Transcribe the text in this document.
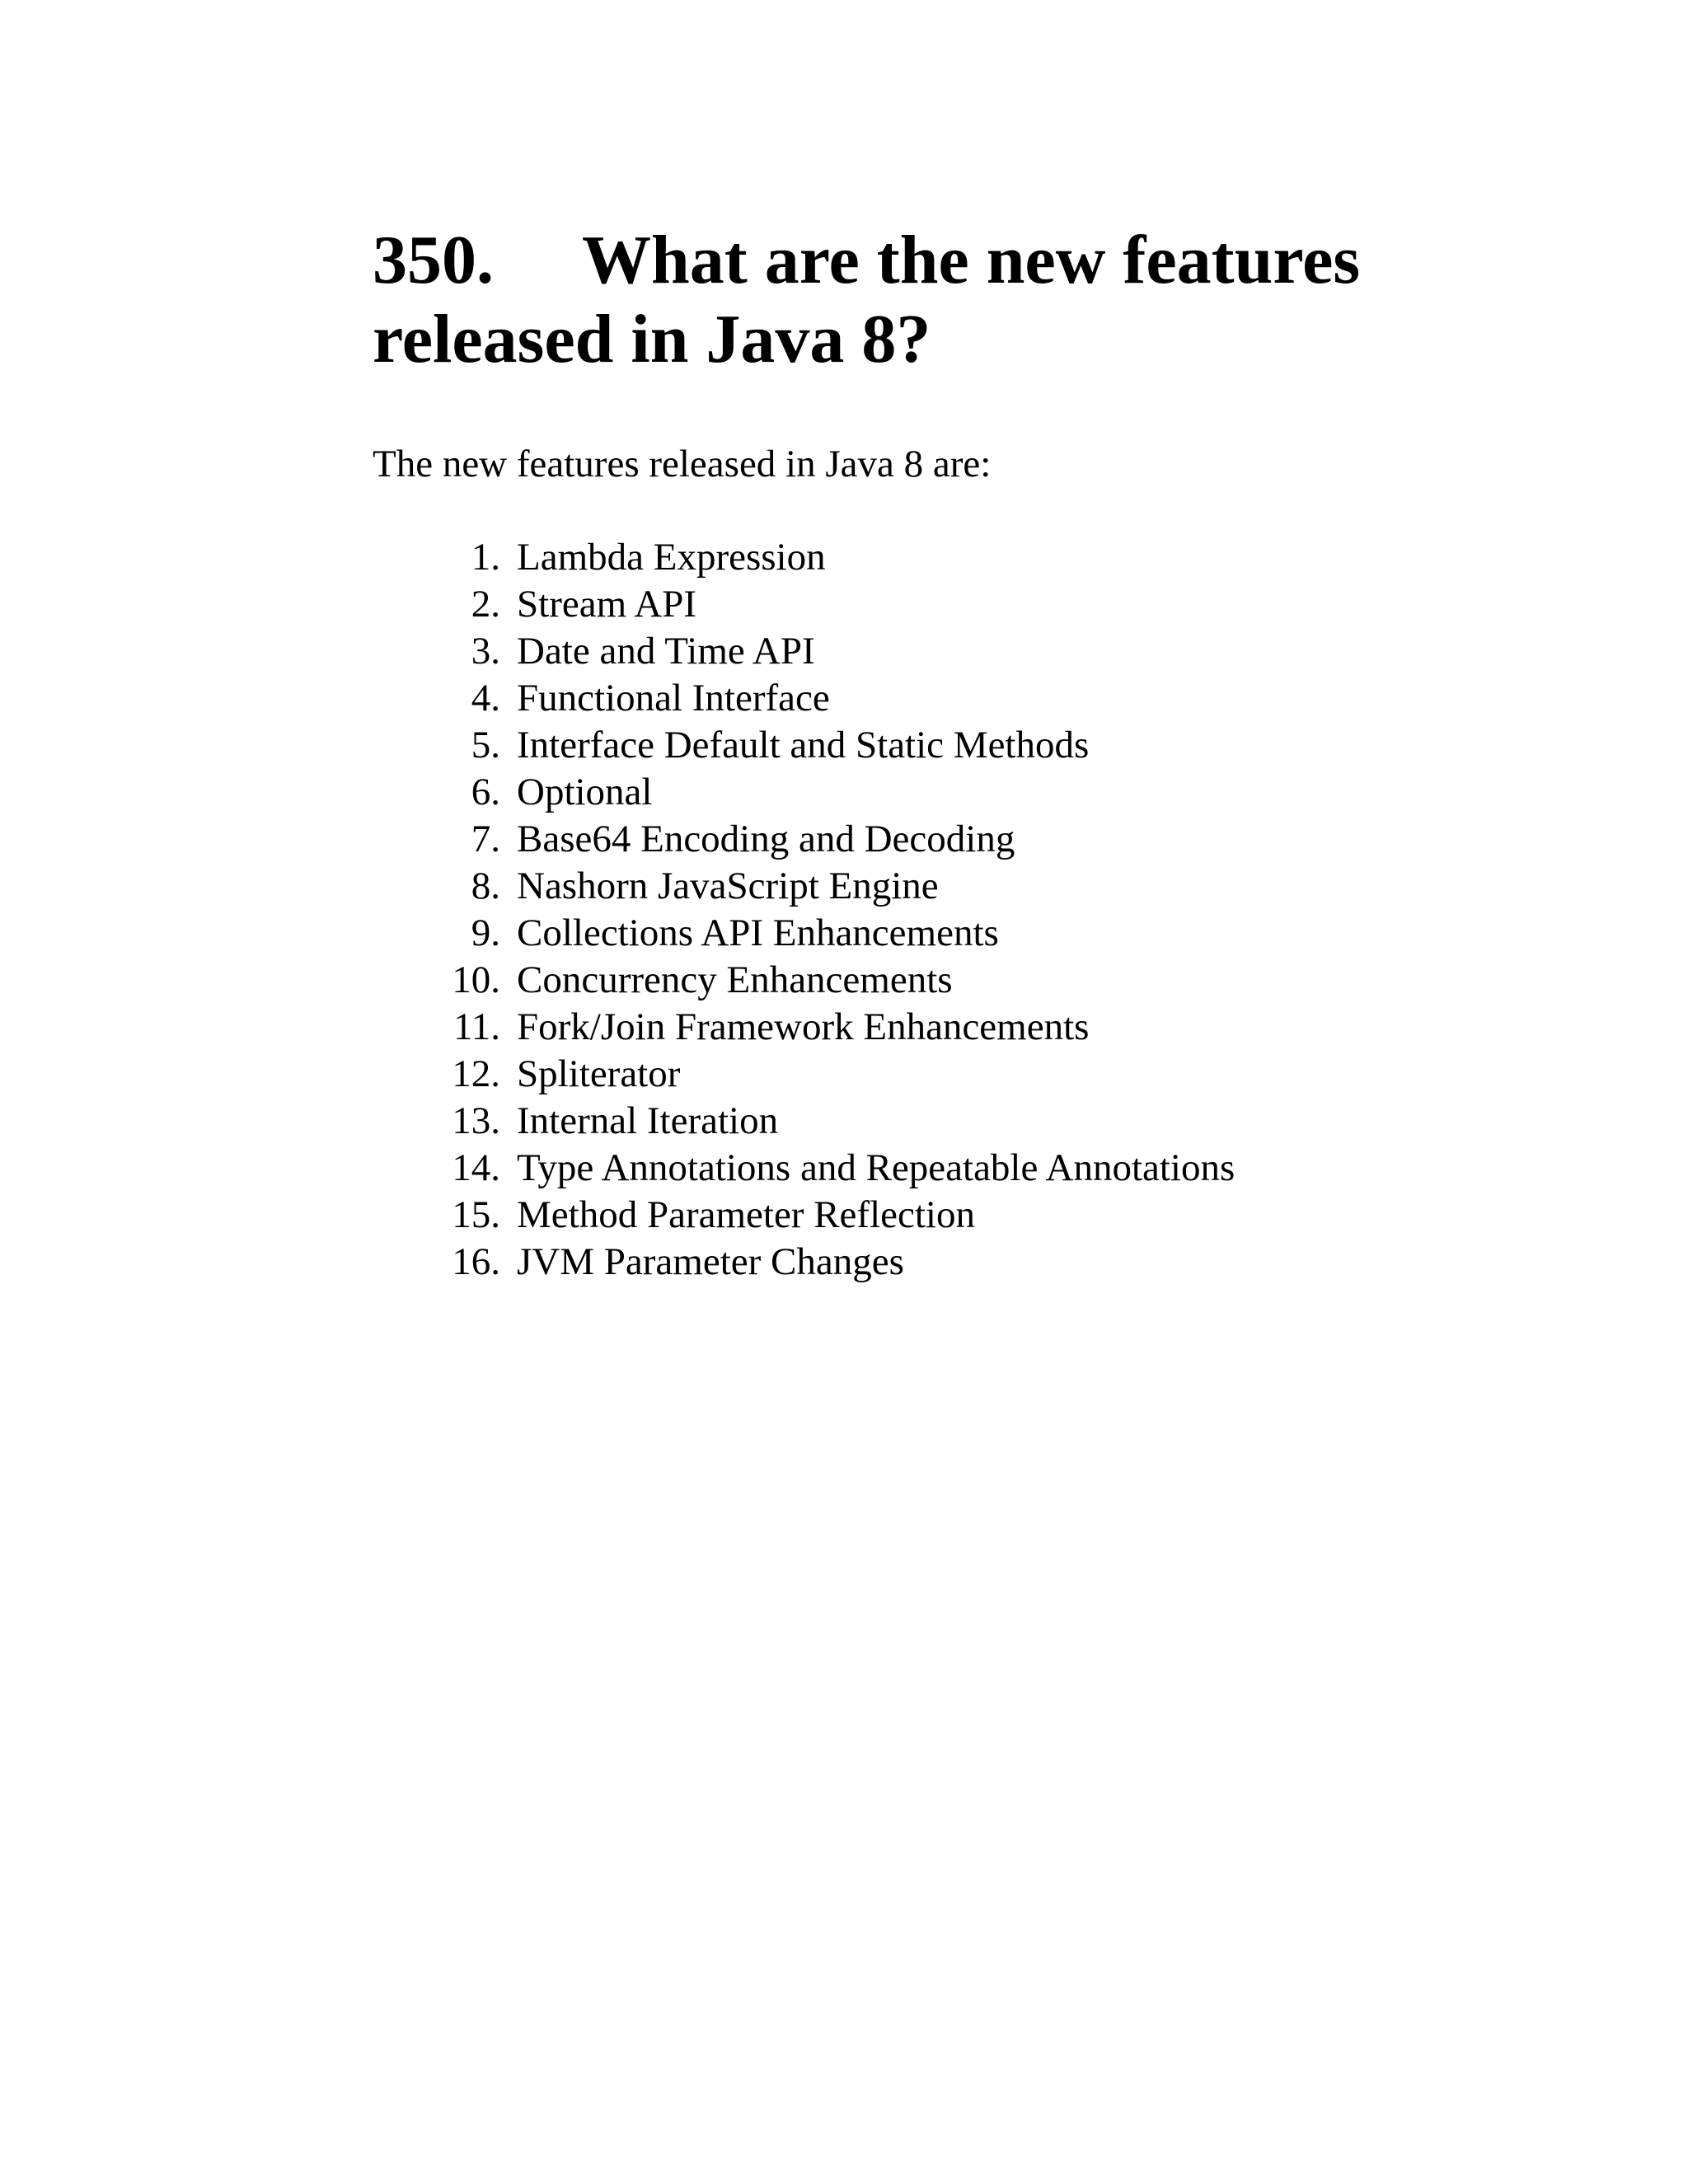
350. What are the new features released in Java 8?

The new features released in Java 8 are:

1. Lambda Expression
2. Stream API
3. Date and Time API
4. Functional Interface
5. Interface Default and Static Methods
6. Optional
7. Base64 Encoding and Decoding
8. Nashorn JavaScript Engine
9. Collections API Enhancements
10. Concurrency Enhancements
11. Fork/Join Framework Enhancements
12. Spliterator
13. Internal Iteration
14. Type Annotations and Repeatable Annotations
15. Method Parameter Reflection
16. JVM Parameter Changes
